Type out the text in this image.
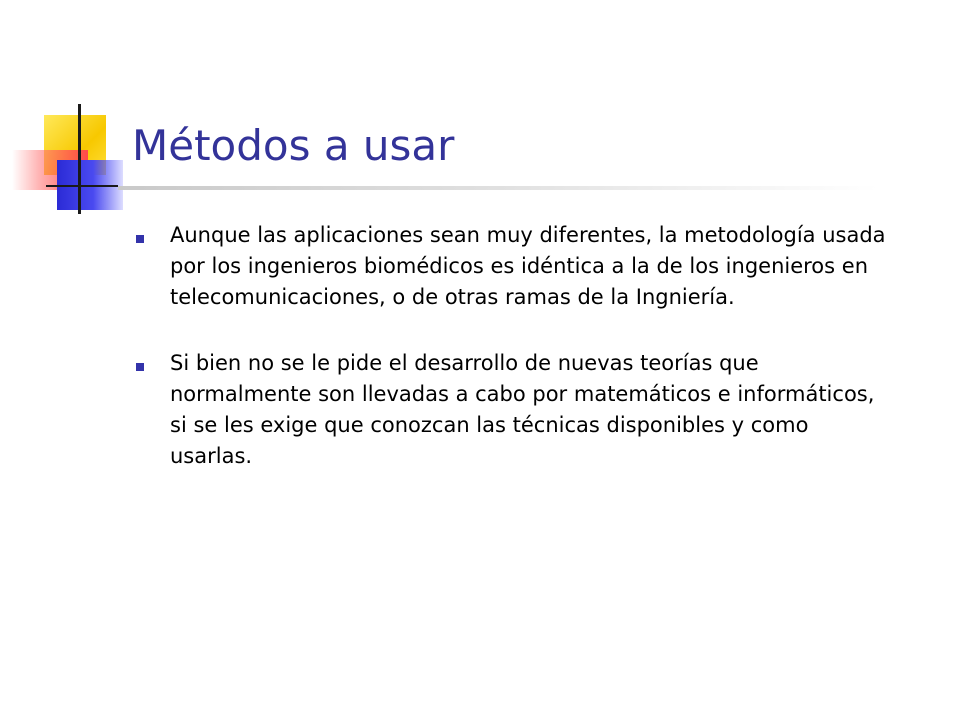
Métodos a usar
Aunque las aplicaciones sean muy diferentes, la metodología usada por los ingenieros biomédicos es idéntica a la de los ingenieros en telecomunicaciones, o de otras ramas de la Ingniería.
Si bien no se le pide el desarrollo de nuevas teorías que normalmente son llevadas a cabo por matemáticos e informáticos, si se les exige que conozcan las técnicas disponibles y como usarlas.
